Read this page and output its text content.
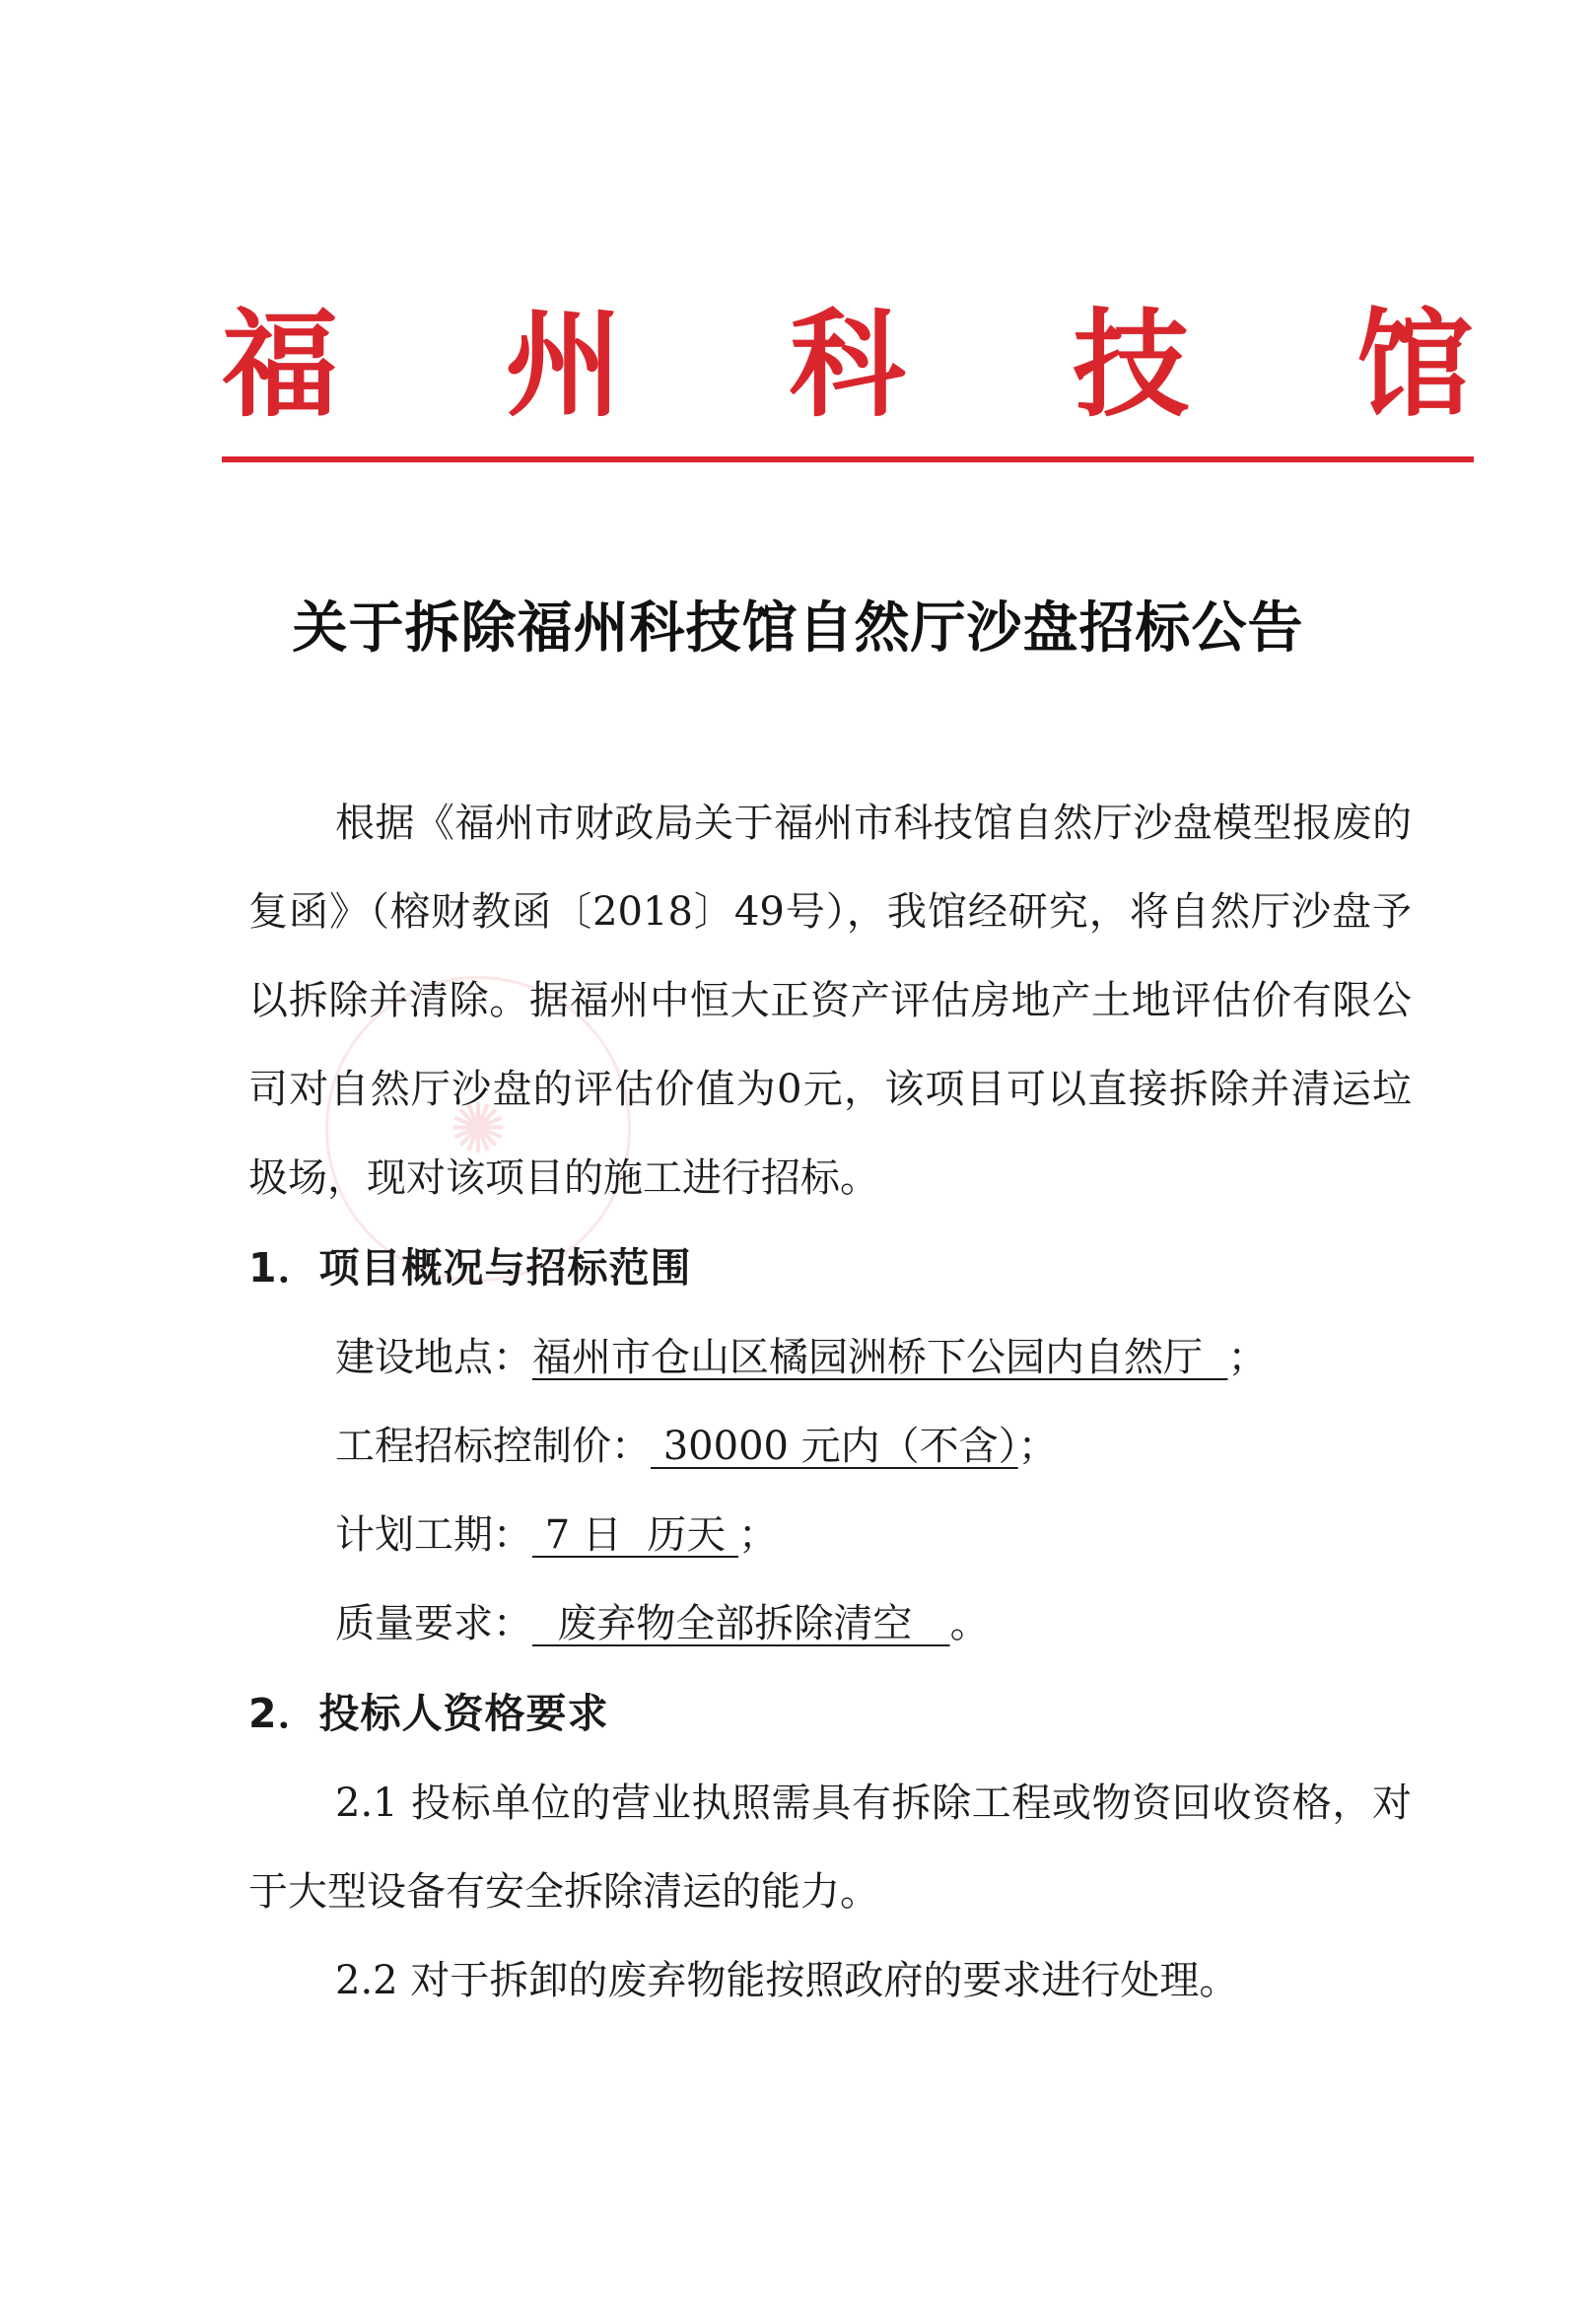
福 州 科 技 馆
✺
关于拆除福州科技馆自然厅沙盘招标公告

根据《福州市财政局关于福州市科技馆自然厅沙盘模型报废的复函》（榕财教函〔2018〕49号），我馆经研究，将自然厅沙盘予以拆除并清除。据福州中恒大正资产评估房地产土地评估价有限公司对自然厅沙盘的评估价值为0元，该项目可以直接拆除并清运垃圾场，现对该项目的施工进行招标。

1．项目概况与招标范围

建设地点：福州市仓山区橘园洲桥下公园内自然厅  ；

工程招标控制价： 30000 元内（不含）；

计划工期： 7 日  历天 ；

质量要求：  废弃物全部拆除清空   。

2．投标人资格要求

2.1 投标单位的营业执照需具有拆除工程或物资回收资格，对于大型设备有安全拆除清运的能力。

2.2 对于拆卸的废弃物能按照政府的要求进行处理。
